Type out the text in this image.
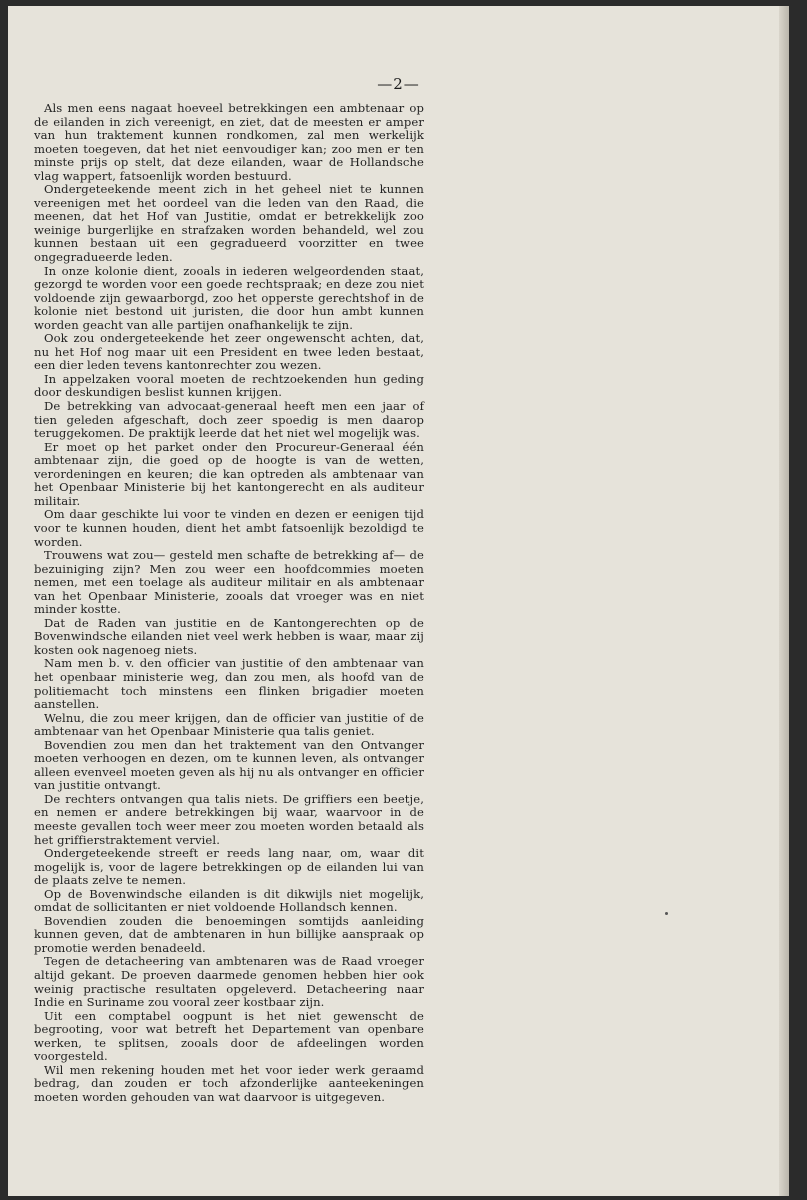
—2—

Als men eens nagaat hoeveel betrekkingen een ambtenaar op de eilanden in zich vereenigt, en ziet, dat de meesten er amper van hun traktement kunnen rondkomen, zal men werkelijk moeten toegeven, dat het niet eenvoudiger kan; zoo men er ten minste prijs op stelt, dat deze eilanden, waar de Hollandsche vlag wappert, fatsoenlijk worden bestuurd.

Ondergeteekende meent zich in het geheel niet te kunnen vereenigen met het oordeel van die leden van den Raad, die meenen, dat het Hof van Justitie, omdat er betrekkelijk zoo weinige burgerlijke en strafzaken worden behandeld, wel zou kunnen bestaan uit een gegradueerd voorzitter en twee ongegradueerde leden.

In onze kolonie dient, zooals in iederen welgeordenden staat, gezorgd te worden voor een goede rechtspraak; en deze zou niet voldoende zijn gewaarborgd, zoo het opperste gerechtshof in de kolonie niet bestond uit juristen, die door hun ambt kunnen worden geacht van alle partijen onafhankelijk te zijn.

Ook zou ondergeteekende het zeer ongewenscht achten, dat, nu het Hof nog maar uit een President en twee leden bestaat, een dier leden tevens kantonrechter zou wezen.

In appelzaken vooral moeten de rechtzoekenden hun geding door deskundigen beslist kunnen krijgen.

De betrekking van advocaat-generaal heeft men een jaar of tien geleden afgeschaft, doch zeer spoedig is men daarop teruggekomen. De praktijk leerde dat het niet wel mogelijk was.

Er moet op het parket onder den Procureur-Generaal één ambtenaar zijn, die goed op de hoogte is van de wetten, verordeningen en keuren; die kan optreden als ambtenaar van het Openbaar Ministerie bij het kantongerecht en als auditeur militair.

Om daar geschikte lui voor te vinden en dezen er eenigen tijd voor te kunnen houden, dient het ambt fatsoenlijk bezoldigd te worden.

Trouwens wat zou— gesteld men schafte de betrekking af— de bezuiniging zijn? Men zou weer een hoofdcommies moeten nemen, met een toelage als auditeur militair en als ambtenaar van het Openbaar Ministerie, zooals dat vroeger was en niet minder kostte.

Dat de Raden van justitie en de Kantongerechten op de Bovenwindsche eilanden niet veel werk hebben is waar, maar zij kosten ook nagenoeg niets.

Nam men b. v. den officier van justitie of den ambtenaar van het openbaar ministerie weg, dan zou men, als hoofd van de politiemacht toch minstens een flinken brigadier moeten aanstellen.

Welnu, die zou meer krijgen, dan de officier van justitie of de ambtenaar van het Openbaar Ministerie qua talis geniet.

Bovendien zou men dan het traktement van den Ontvanger moeten verhoogen en dezen, om te kunnen leven, als ontvanger alleen evenveel moeten geven als hij nu als ontvanger en officier van justitie ontvangt.

De rechters ontvangen qua talis niets. De griffiers een beetje, en nemen er andere betrekkingen bij waar, waarvoor in de meeste gevallen toch weer meer zou moeten worden betaald als het griffierstraktement verviel.

Ondergeteekende streeft er reeds lang naar, om, waar dit mogelijk is, voor de lagere betrekkingen op de eilanden lui van de plaats zelve te nemen.

Op de Bovenwindsche eilanden is dit dikwijls niet mogelijk, omdat de sollicitanten er niet voldoende Hollandsch kennen.

Bovendien zouden die benoemingen somtijds aanleiding kunnen geven, dat de ambtenaren in hun billijke aanspraak op promotie werden benadeeld.

Tegen de detacheering van ambtenaren was de Raad vroeger altijd gekant. De proeven daarmede genomen hebben hier ook weinig practische resultaten opgeleverd. Detacheering naar Indie en Suriname zou vooral zeer kostbaar zijn.

Uit een comptabel oogpunt is het niet gewenscht de begrooting, voor wat betreft het Departement van openbare werken, te splitsen, zooals door de afdeelingen worden voorgesteld.

Wil men rekening houden met het voor ieder werk geraamd bedrag, dan zouden er toch afzonderlijke aanteekeningen moeten worden gehouden van wat daarvoor is uitgegeven.
